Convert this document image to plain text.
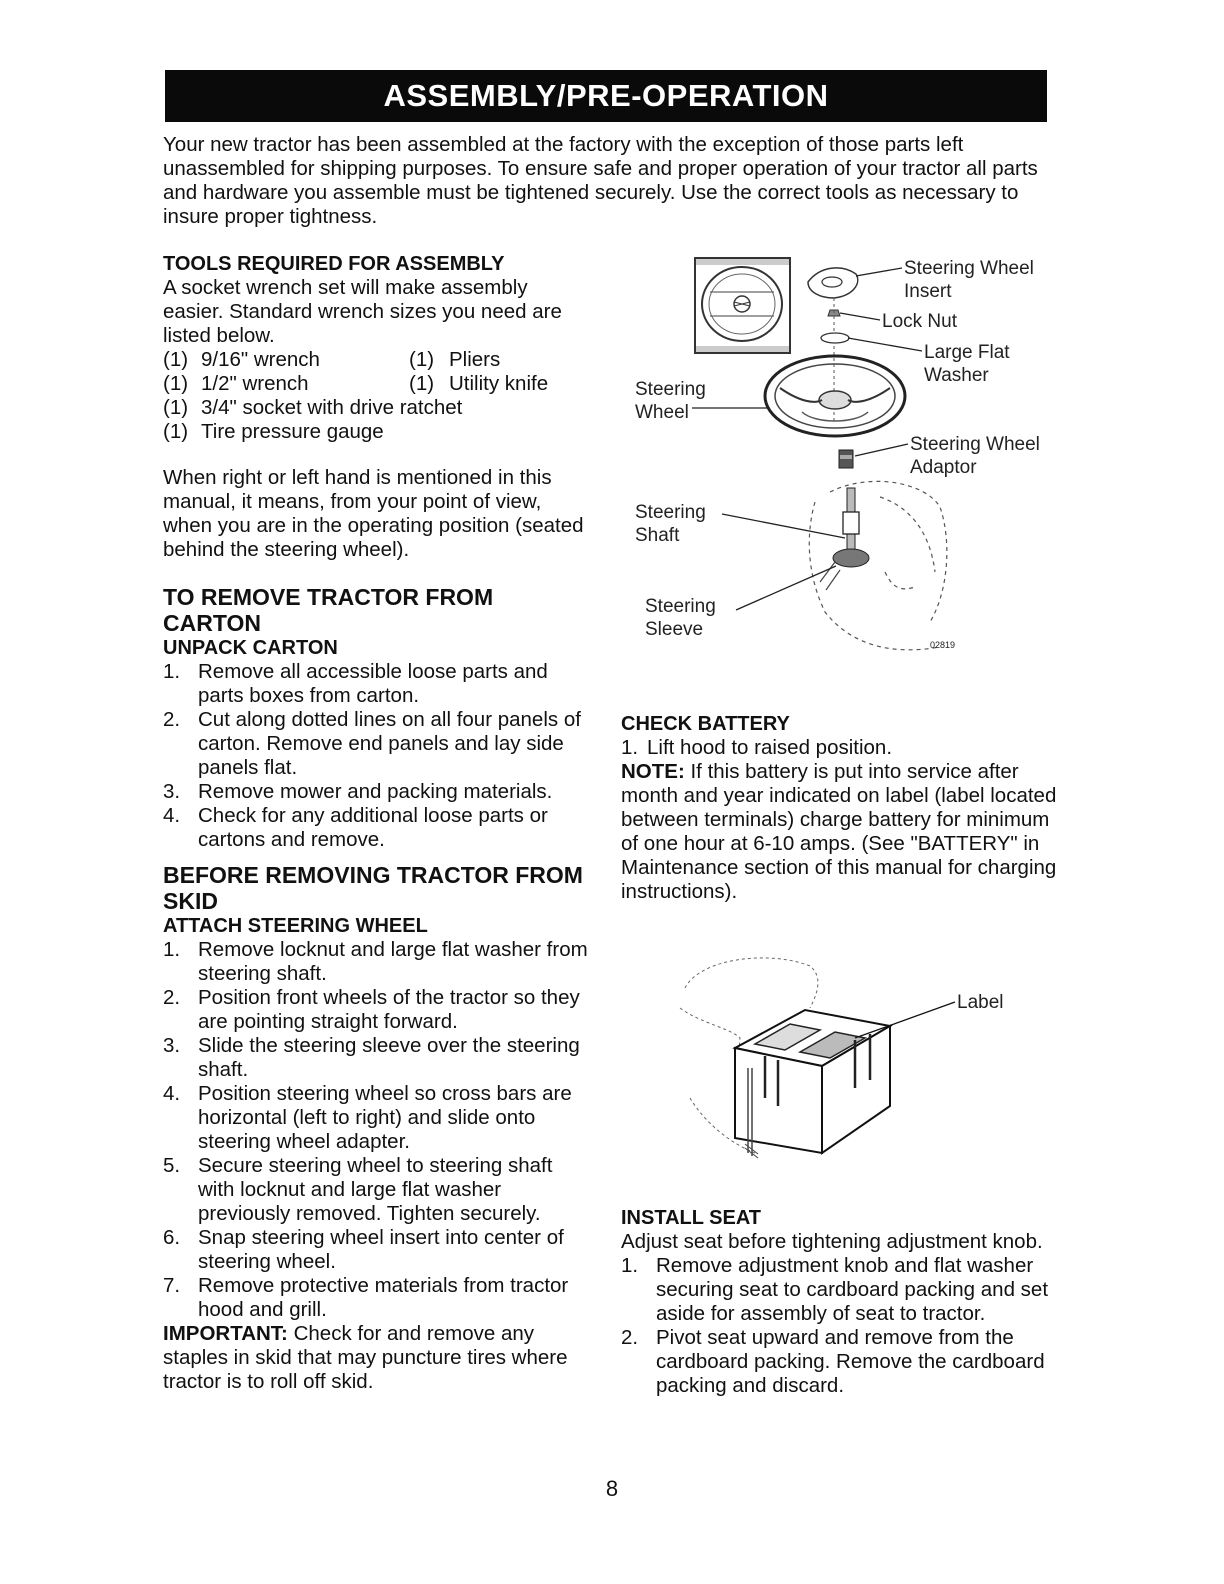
ASSEMBLY/PRE-OPERATION

Your new tractor has been assembled at the factory with the exception of those parts left unassembled for shipping purposes. To ensure safe and proper operation of your tractor all parts and hardware you assemble must be tightened securely. Use the correct tools as necessary to insure proper tightness.

TOOLS REQUIRED FOR ASSEMBLY

A socket wrench set will make assembly easier. Standard wrench sizes you need are listed below.

(1)	9/16" wrench	(1)	Pliers
(1)	1/2" wrench	(1)	Utility knife
(1)	3/4" socket with drive ratchet		
(1)	Tire pressure gauge		

When right or left hand is mentioned in this manual, it means, from your point of view, when you are in the operating position (seated behind the steering wheel).

TO REMOVE TRACTOR FROM CARTON
UNPACK CARTON
1. Remove all accessible loose parts and parts boxes from carton.
2. Cut along dotted lines on all four panels of carton. Remove end panels and lay side panels flat.
3. Remove mower and packing materials.
4. Check for any additional loose parts or cartons and remove.
BEFORE REMOVING TRACTOR FROM SKID
ATTACH STEERING WHEEL
1. Remove locknut and large flat washer from steering shaft.
2. Position front wheels of the tractor so they are pointing straight forward.
3. Slide the steering sleeve over the steering shaft.
4. Position steering wheel so cross bars are horizontal (left to right) and slide onto steering wheel adapter.
5. Secure steering wheel to steering shaft with locknut and large flat washer previously removed. Tighten securely.
6. Snap steering wheel insert into center of steering wheel.
7. Remove protective materials from tractor hood and grill.

IMPORTANT: Check for and remove any staples in skid that may puncture tires where tractor is to roll off skid.

Steering Wheel
Insert
Lock Nut
Large Flat
Washer
Steering
Wheel
Steering Wheel
Adaptor
Steering
Shaft
Steering
Sleeve
02819
CHECK BATTERY
1. Lift hood to raised position.

NOTE: If this battery is put into service after month and year indicated on label (label located between terminals) charge battery for minimum of one hour at 6-10 amps. (See "BATTERY" in Maintenance section of this manual for charging instructions).

Label
INSTALL SEAT

Adjust seat before tightening adjustment knob.

1. Remove adjustment knob and flat washer securing seat to cardboard packing and set aside for assembly of seat to tractor.
2. Pivot seat upward and remove from the cardboard packing. Remove the cardboard packing and discard.
8
